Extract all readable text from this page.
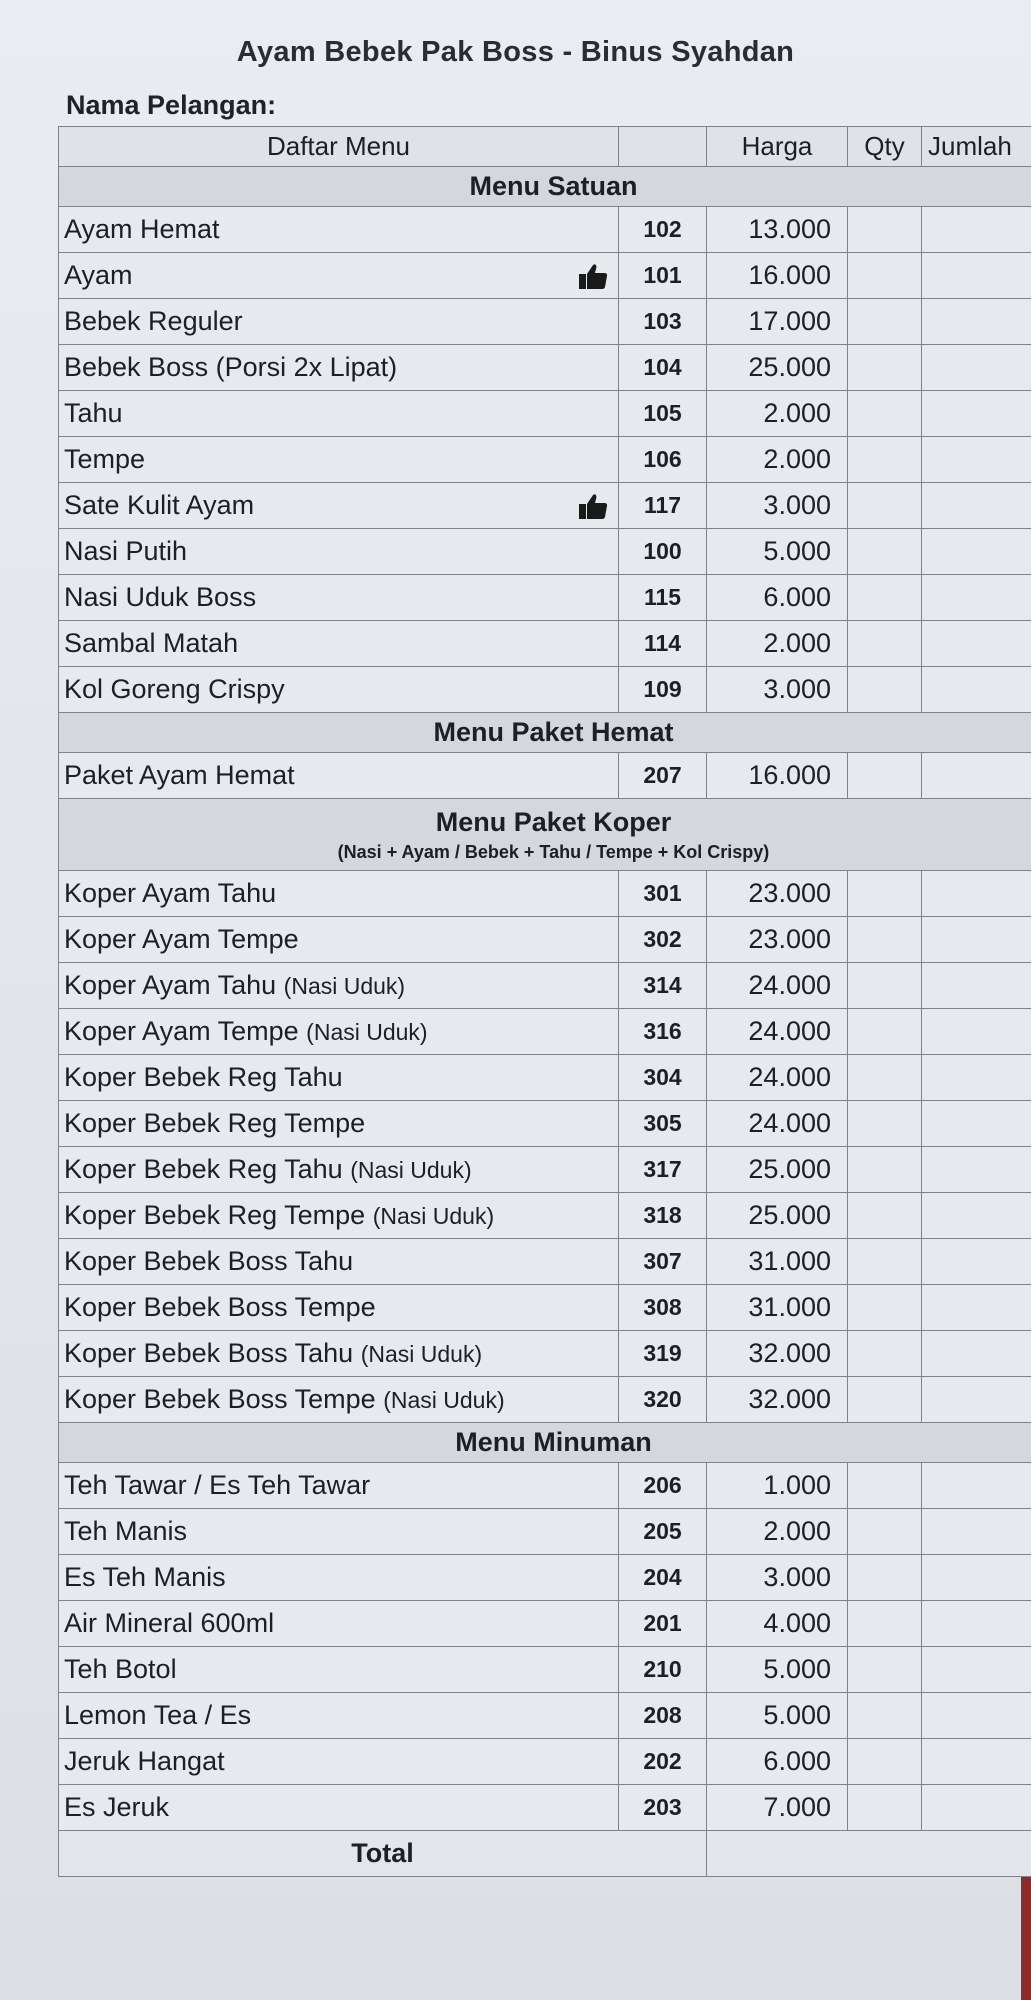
Ayam Bebek Pak Boss - Binus Syahdan
Nama Pelangan:
Daftar Menu		Harga	Qty	Jumlah
Menu Satuan				
Ayam Hemat	102	13.000		
Ayam	101	16.000		
Bebek Reguler	103	17.000		
Bebek Boss (Porsi 2x Lipat)	104	25.000		
Tahu	105	2.000		
Tempe	106	2.000		
Sate Kulit Ayam	117	3.000		
Nasi Putih	100	5.000		
Nasi Uduk Boss	115	6.000		
Sambal Matah	114	2.000		
Kol Goreng Crispy	109	3.000		
Menu Paket Hemat				
Paket Ayam Hemat	207	16.000		
Menu Paket Koper
(Nasi + Ayam / Bebek + Tahu / Tempe + Kol Crispy)				

Koper Ayam Tahu	301	23.000		
Koper Ayam Tempe	302	23.000		
Koper Ayam Tahu (Nasi Uduk)	314	24.000		
Koper Ayam Tempe (Nasi Uduk)	316	24.000		
Koper Bebek Reg Tahu	304	24.000		
Koper Bebek Reg Tempe	305	24.000		
Koper Bebek Reg Tahu (Nasi Uduk)	317	25.000		
Koper Bebek Reg Tempe (Nasi Uduk)	318	25.000		
Koper Bebek Boss Tahu	307	31.000		
Koper Bebek Boss Tempe	308	31.000		
Koper Bebek Boss Tahu (Nasi Uduk)	319	32.000		
Koper Bebek Boss Tempe (Nasi Uduk)	320	32.000		
Menu Minuman				
Teh Tawar / Es Teh Tawar	206	1.000		
Teh Manis	205	2.000		
Es Teh Manis	204	3.000		
Air Mineral 600ml	201	4.000		
Teh Botol	210	5.000		
Lemon Tea / Es	208	5.000		
Jeruk Hangat	202	6.000		
Es Jeruk	203	7.000		
Total				
